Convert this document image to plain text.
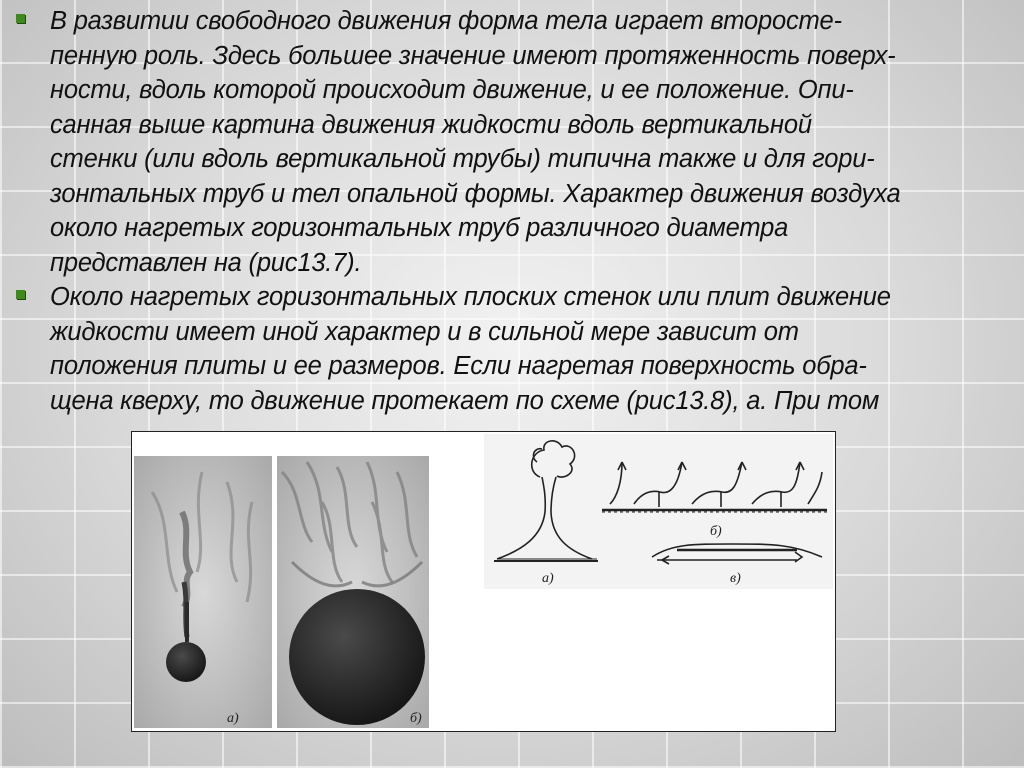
В развитии свободного движения форма тела играет второсте-
пенную роль. Здесь большее значение имеют протяженность поверх-
ности, вдоль которой происходит движение, и ее положение. Опи-
санная выше картина движения жидкости вдоль вертикальной
стенки (или вдоль вертикальной трубы) типична также и для гори-
зонтальных труб и тел опальной формы. Характер движения воздуха
около нагретых горизонтальных труб различного диаметра
представлен на (рис13.7).
Около нагретых горизонтальных плоских стенок или плит движение
жидкости имеет иной характер и в сильной мере зависит от
положения плиты и ее размеров. Если нагретая поверхность обра-
щена кверху, то движение протекает по схеме (рис13.8), а. При том
а)	б)
а)
б)
в)
